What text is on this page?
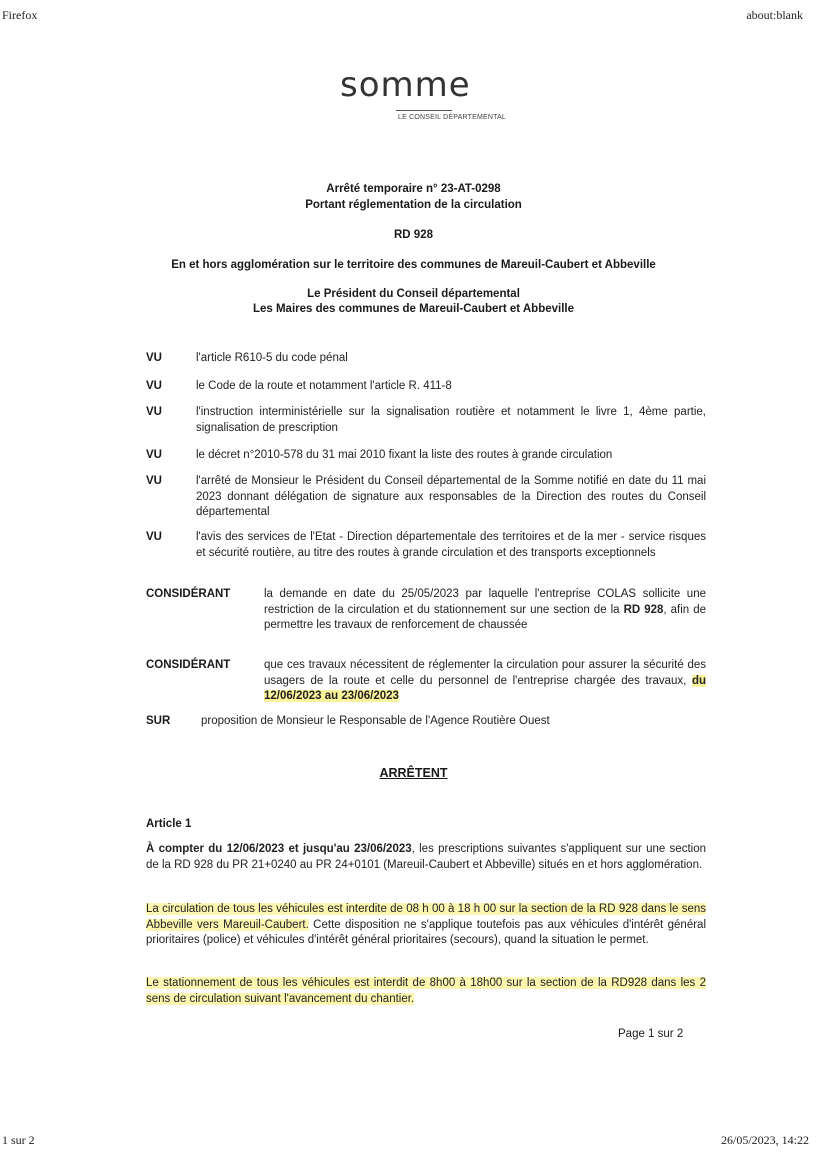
Firefox	about:blank
somme
LE CONSEIL DÉPARTEMENTAL
Arrêté temporaire n° 23-AT-0298
Portant réglementation de la circulation
RD 928
En et hors agglomération sur le territoire des communes de Mareuil-Caubert et Abbeville
Le Président du Conseil départemental
Les Maires des communes de Mareuil-Caubert et Abbeville
VU	l'article R610-5 du code pénal
VU	le Code de la route et notamment l'article R. 411-8
VU	l'instruction interministérielle sur la signalisation routière et notamment le livre 1, 4ème partie, signalisation de prescription
VU	le décret n°2010-578 du 31 mai 2010 fixant la liste des routes à grande circulation
VU	l'arrêté de Monsieur le Président du Conseil départemental de la Somme notifié en date du 11 mai 2023 donnant délégation de signature aux responsables de la Direction des routes du Conseil départemental
VU	l'avis des services de l'Etat - Direction départementale des territoires et de la mer - service risques et sécurité routière, au titre des routes à grande circulation et des transports exceptionnels
CONSIDÉRANT	la demande en date du 25/05/2023 par laquelle l'entreprise COLAS sollicite une restriction de la circulation et du stationnement sur une section de la RD 928, afin de permettre les travaux de renforcement de chaussée
CONSIDÉRANT	que ces travaux nécessitent de réglementer la circulation pour assurer la sécurité des usagers de la route et celle du personnel de l'entreprise chargée des travaux, du 12/06/2023 au 23/06/2023
SUR	proposition de Monsieur le Responsable de l'Agence Routière Ouest
ARRÊTENT
Article 1
À compter du 12/06/2023 et jusqu'au 23/06/2023, les prescriptions suivantes s'appliquent sur une section de la RD 928 du PR 21+0240 au PR 24+0101 (Mareuil-Caubert et Abbeville) situés en et hors agglomération.
La circulation de tous les véhicules est interdite de 08 h 00 à 18 h 00 sur la section de la RD 928 dans le sens Abbeville vers Mareuil-Caubert. Cette disposition ne s'applique toutefois pas aux véhicules d'intérêt général prioritaires (police) et véhicules d'intérêt général prioritaires (secours), quand la situation le permet.
Le stationnement de tous les véhicules est interdit de 8h00 à 18h00 sur la section de la RD928 dans les 2 sens de circulation suivant l'avancement du chantier.
Page 1 sur 2
1 sur 2	26/05/2023, 14:22
